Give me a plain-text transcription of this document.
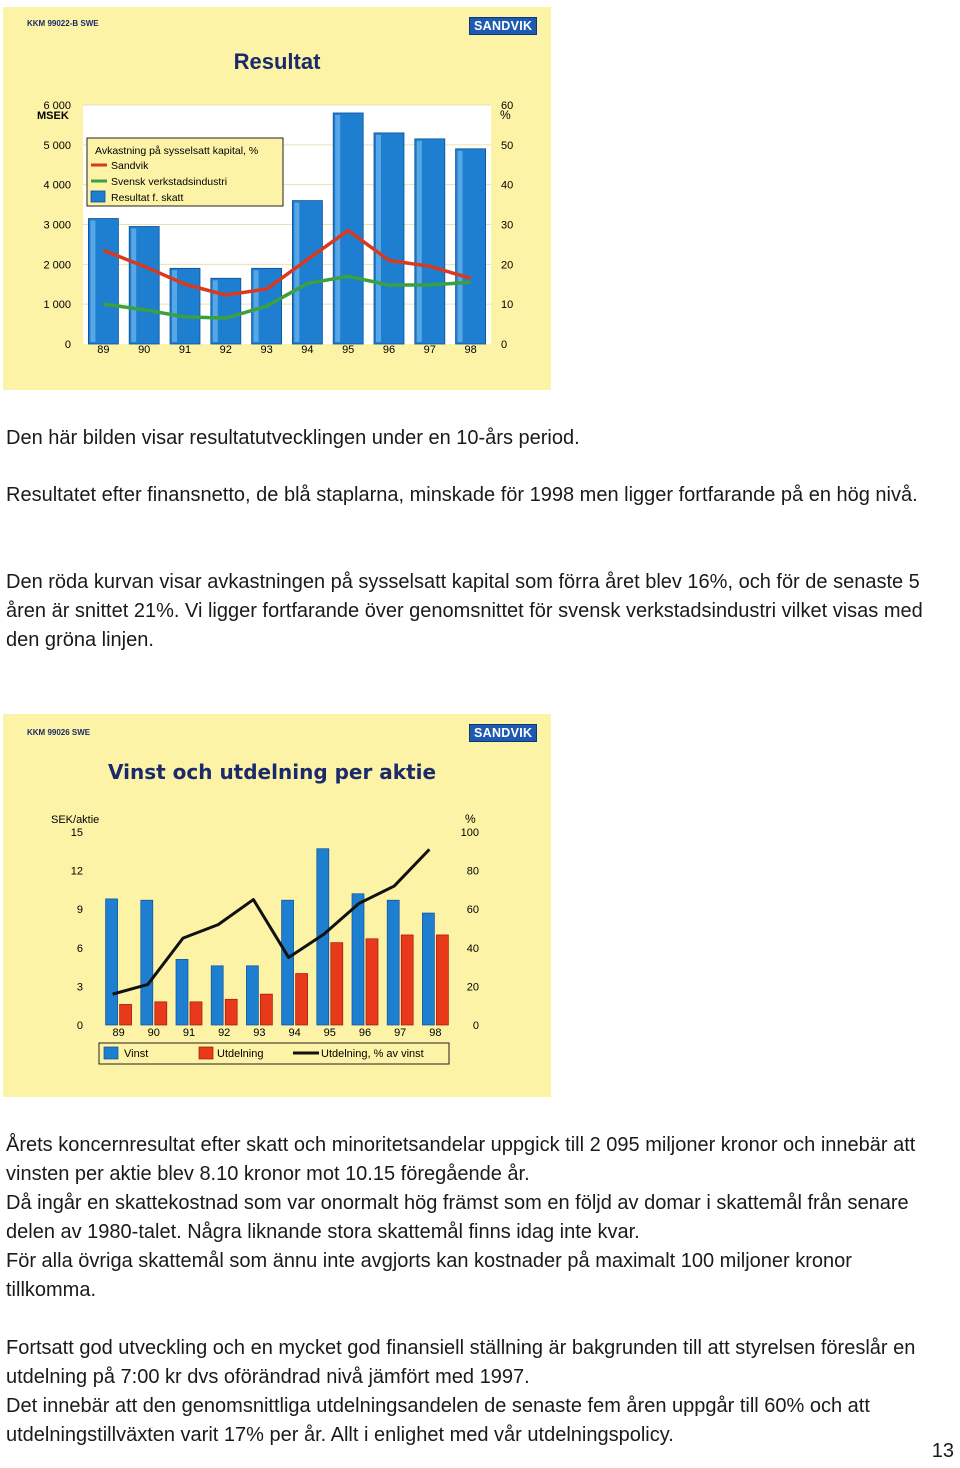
KKM 99022-B SWE	SANDVIK
Resultat
0
1 000
2 000
3 000
4 000
5 000
6 000
0
10
20
30
40
50
60
MSEK	%
89	90	91	92	93	94	95	96	97	98
Avkastning på sysselsatt kapital, %
Sandvik
Svensk verkstadsindustri
Resultat f. skatt

Den här bilden visar resultatutvecklingen under en 10-års period.

Resultatet efter finansnetto, de blå staplarna, minskade för 1998 men ligger fortfarande på en hög nivå.

Den röda kurvan visar avkastningen på sysselsatt kapital som förra året blev 16%, och för de senaste 5 åren är snittet 21%. Vi ligger fortfarande över genomsnittet för svensk verkstadsindustri vilket visas med den gröna linjen.

KKM 99026 SWE	SANDVIK
Vinst och utdelning per aktie
0
3
6
9
12
15
0
20
40
60
80
100
SEK/aktie	%
89 90 91 92 93 94 95 96 97 98
Vinst	Utdelning	Utdelning, % av vinst

Årets koncernresultat efter skatt och minoritetsandelar uppgick till 2 095 miljoner kronor och innebär att vinsten per aktie blev 8.10 kronor mot 10.15 föregående år.

Då ingår en skattekostnad som var onormalt hög främst som en följd av domar i skattemål från senare delen av 1980-talet. Några liknande stora skattemål finns idag inte kvar.

För alla övriga skattemål som ännu inte avgjorts kan kostnader på maximalt 100 miljoner kronor tillkomma.

Fortsatt god utveckling och en mycket god finansiell ställning är bakgrunden till att styrelsen föreslår en utdelning på 7:00 kr dvs oförändrad nivå jämfört med 1997.

Det innebär att den genomsnittliga utdelningsandelen de senaste fem åren uppgår till 60% och att utdelningstillväxten varit 17% per år. Allt i enlighet med vår utdelningspolicy.

13
